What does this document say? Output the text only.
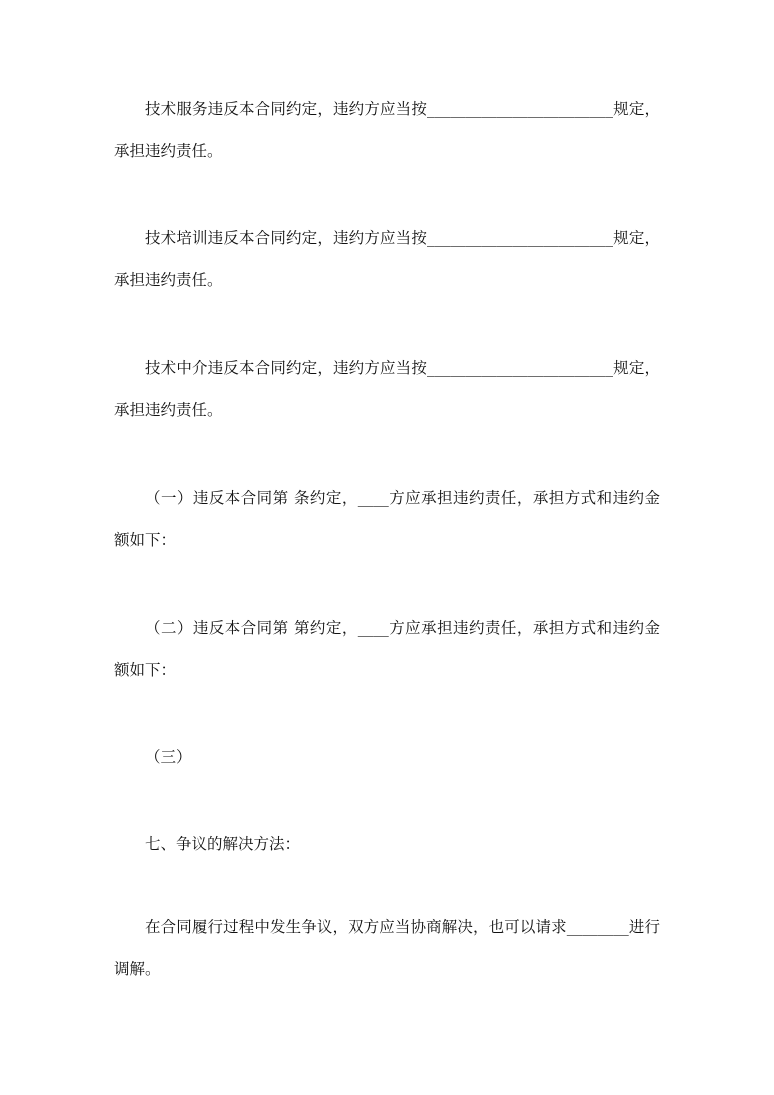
技术服务违反本合同约定，违约方应当按________________________规定，承担违约责任。

技术培训违反本合同约定，违约方应当按________________________规定，承担违约责任。

技术中介违反本合同约定，违约方应当按________________________规定，承担违约责任。

（一）违反本合同第 条约定，____方应承担违约责任，承担方式和违约金额如下：

（二）违反本合同第 第约定，____方应承担违约责任，承担方式和违约金额如下：

（三）

七、争议的解决方法：

在合同履行过程中发生争议，双方应当协商解决，也可以请求________进行调解。
